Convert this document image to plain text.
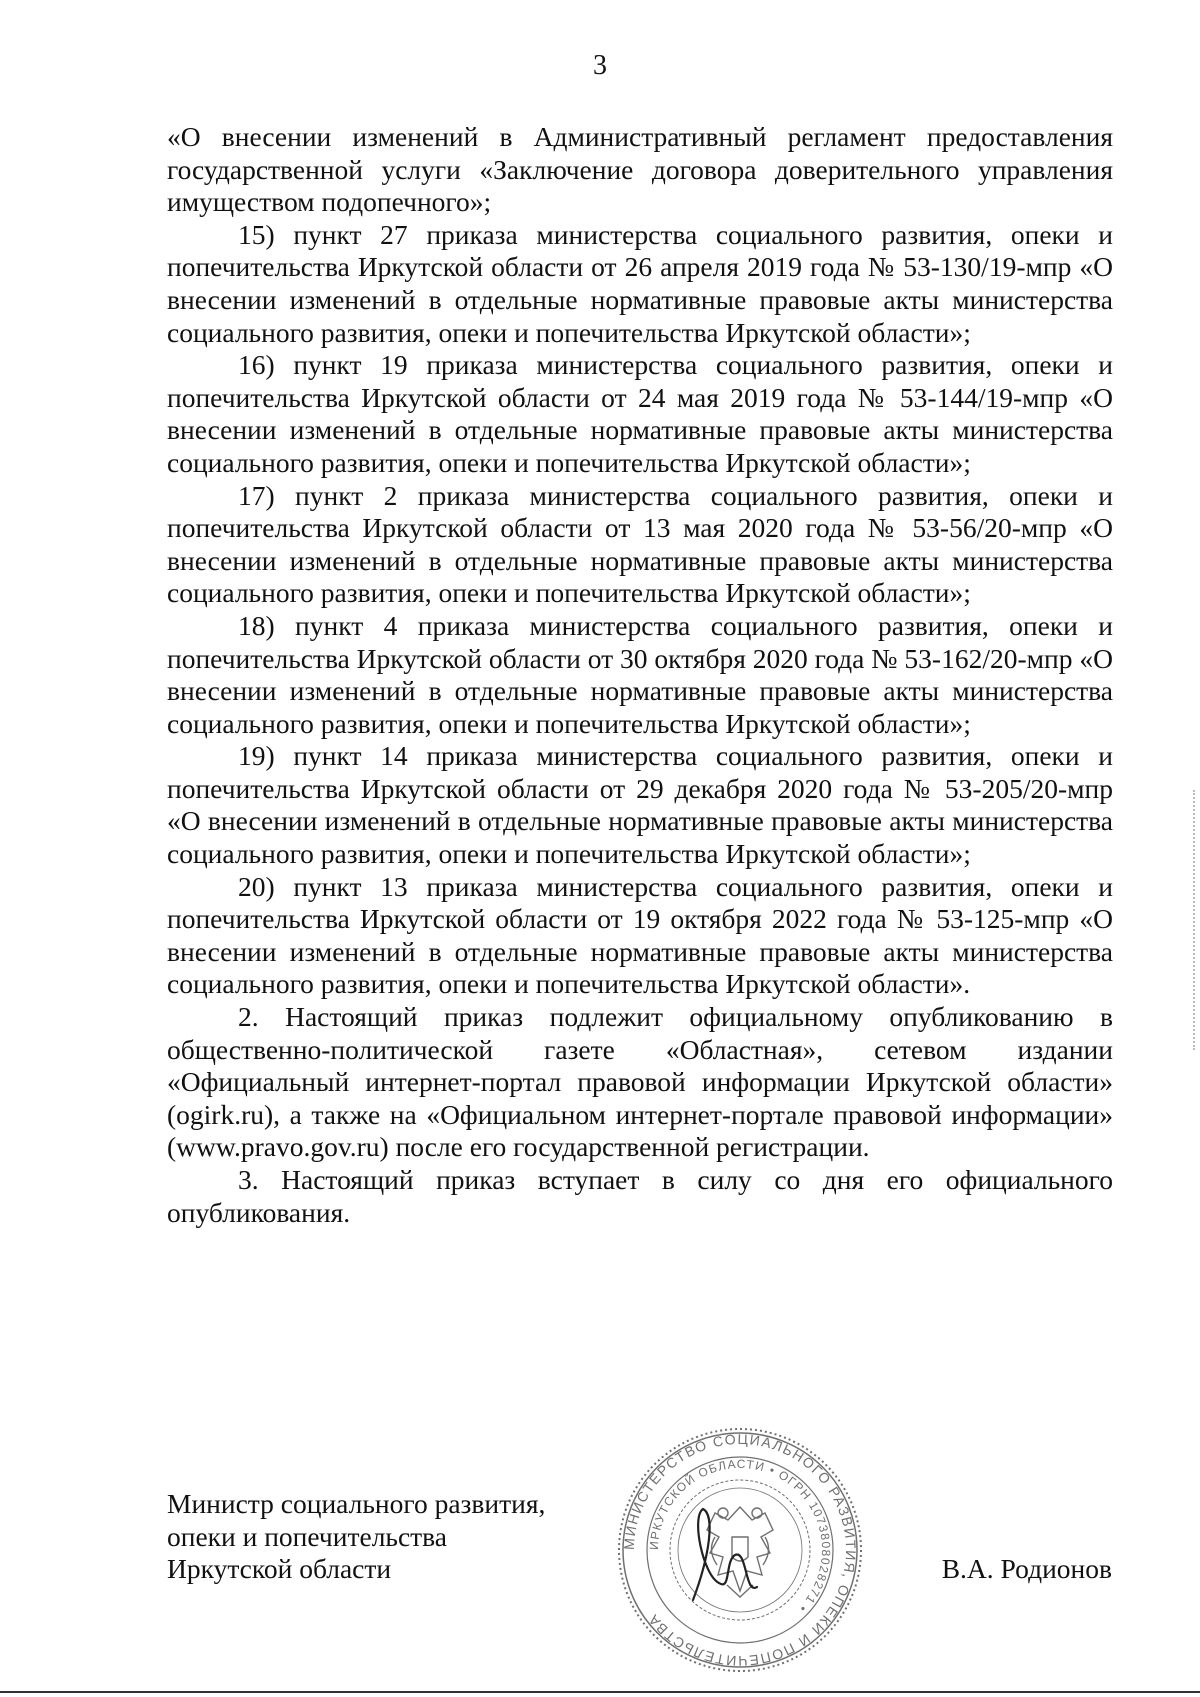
3

«О внесении изменений в Административный регламент предоставления государственной услуги «Заключение договора доверительного управления имуществом подопечного»;

15) пункт 27 приказа министерства социального развития, опеки и попечительства Иркутской области от 26 апреля 2019 года № 53-130/19-мпр «О внесении изменений в отдельные нормативные правовые акты министерства социального развития, опеки и попечительства Иркутской области»;

16) пункт 19 приказа министерства социального развития, опеки и попечительства Иркутской области от 24 мая 2019 года № 53-144/19-мпр «О внесении изменений в отдельные нормативные правовые акты министерства социального развития, опеки и попечительства Иркутской области»;

17) пункт 2 приказа министерства социального развития, опеки и попечительства Иркутской области от 13 мая 2020 года № 53-56/20-мпр «О внесении изменений в отдельные нормативные правовые акты министерства социального развития, опеки и попечительства Иркутской области»;

18) пункт 4 приказа министерства социального развития, опеки и попечительства Иркутской области от 30 октября 2020 года № 53-162/20-мпр «О внесении изменений в отдельные нормативные правовые акты министерства социального развития, опеки и попечительства Иркутской области»;

19) пункт 14 приказа министерства социального развития, опеки и попечительства Иркутской области от 29 декабря 2020 года № 53-205/20-мпр «О внесении изменений в отдельные нормативные правовые акты министерства социального развития, опеки и попечительства Иркутской области»;

20) пункт 13 приказа министерства социального развития, опеки и попечительства Иркутской области от 19 октября 2022 года № 53-125-мпр «О внесении изменений в отдельные нормативные правовые акты министерства социального развития, опеки и попечительства Иркутской области».

2. Настоящий приказ подлежит официальному опубликованию в общественно-политической газете «Областная», сетевом издании «Официальный интернет-портал правовой информации Иркутской области» (ogirk.ru), а также на «Официальном интернет-портале правовой информации» (www.pravo.gov.ru) после его государственной регистрации.

3. Настоящий приказ вступает в силу со дня его официального опубликования.

Министр социального развития,
опеки и попечительства
Иркутской области	В.А. Родионов
МИНИСТЕРСТВО СОЦИАЛЬНОГО РАЗВИТИЯ, ОПЕКИ И ПОПЕЧИТЕЛЬСТВА
ИРКУТСКОЙ ОБЛАСТИ • ОГРН 1073808028271 •
